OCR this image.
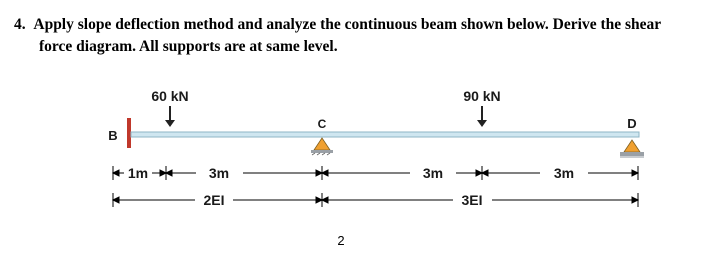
4. Apply slope deflection method and analyze the continuous beam shown below. Derive the shear
force diagram. All supports are at same level.
B
60 kN	90 kN
C	D
1m	3m	3m	3m
2EI	3EI
2
